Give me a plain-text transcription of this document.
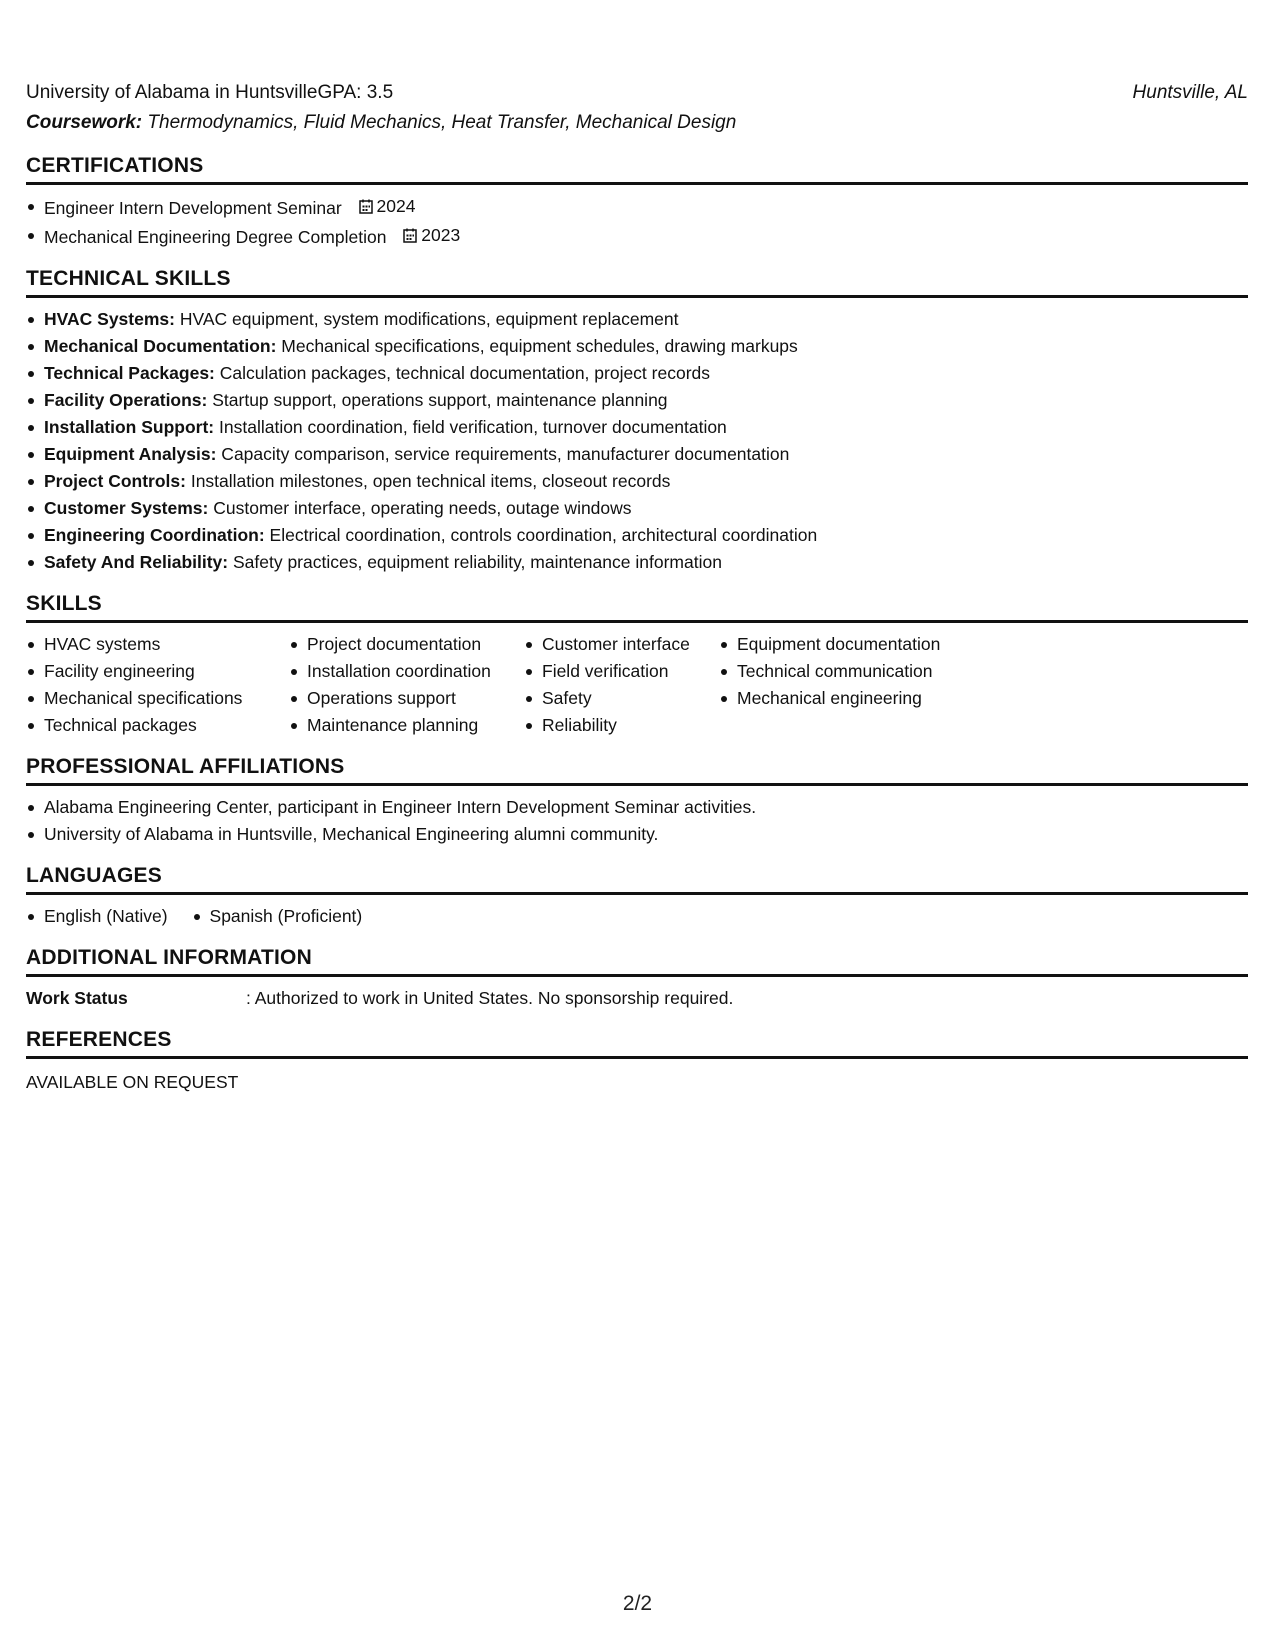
University of Alabama in HuntsvilleGPA: 3.5	Huntsville, AL
Coursework: Thermodynamics, Fluid Mechanics, Heat Transfer, Mechanical Design
CERTIFICATIONS
Engineer Intern Development Seminar 2024
Mechanical Engineering Degree Completion 2023
TECHNICAL SKILLS
HVAC Systems: HVAC equipment, system modifications, equipment replacement
Mechanical Documentation: Mechanical specifications, equipment schedules, drawing markups
Technical Packages: Calculation packages, technical documentation, project records
Facility Operations: Startup support, operations support, maintenance planning
Installation Support: Installation coordination, field verification, turnover documentation
Equipment Analysis: Capacity comparison, service requirements, manufacturer documentation
Project Controls: Installation milestones, open technical items, closeout records
Customer Systems: Customer interface, operating needs, outage windows
Engineering Coordination: Electrical coordination, controls coordination, architectural coordination
Safety And Reliability: Safety practices, equipment reliability, maintenance information
SKILLS
HVAC systems
Facility engineering
Mechanical specifications
Technical packages
Project documentation
Installation coordination
Operations support
Maintenance planning
Customer interface
Field verification
Safety
Reliability
Equipment documentation
Technical communication
Mechanical engineering
PROFESSIONAL AFFILIATIONS
Alabama Engineering Center, participant in Engineer Intern Development Seminar activities.
University of Alabama in Huntsville, Mechanical Engineering alumni community.
LANGUAGES
English (Native) Spanish (Proficient)
ADDITIONAL INFORMATION
Work Status	: Authorized to work in United States. No sponsorship required.
REFERENCES
AVAILABLE ON REQUEST
2/2
